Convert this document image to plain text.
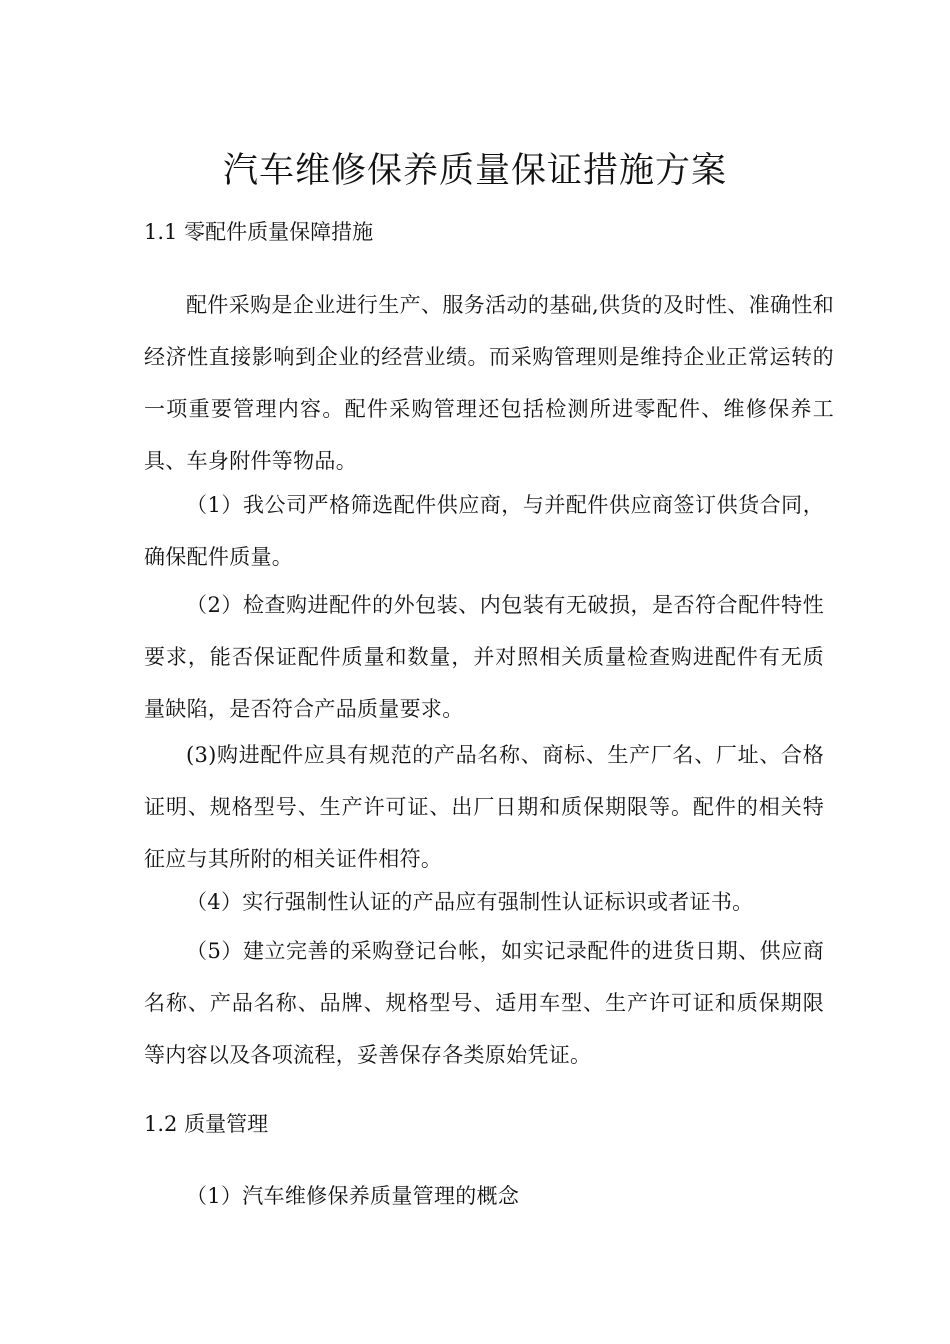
汽车维修保养质量保证措施方案
1.1 零配件质量保障措施

配件采购是企业进行生产、服务活动的基础,供货的及时性、准确性和经济性直接影响到企业的经营业绩。而采购管理则是维持企业正常运转的一项重要管理内容。配件采购管理还包括检测所进零配件、维修保养工具、车身附件等物品。

（1）我公司严格筛选配件供应商，与并配件供应商签订供货合同，确保配件质量。

（2）检查购进配件的外包装、内包装有无破损，是否符合配件特性要求，能否保证配件质量和数量，并对照相关质量检查购进配件有无质量缺陷，是否符合产品质量要求。

(3)购进配件应具有规范的产品名称、商标、生产厂名、厂址、合格证明、规格型号、生产许可证、出厂日期和质保期限等。配件的相关特征应与其所附的相关证件相符。

（4）实行强制性认证的产品应有强制性认证标识或者证书。

（5）建立完善的采购登记台帐，如实记录配件的进货日期、供应商名称、产品名称、品牌、规格型号、适用车型、生产许可证和质保期限等内容以及各项流程，妥善保存各类原始凭证。

1.2 质量管理

（1）汽车维修保养质量管理的概念
